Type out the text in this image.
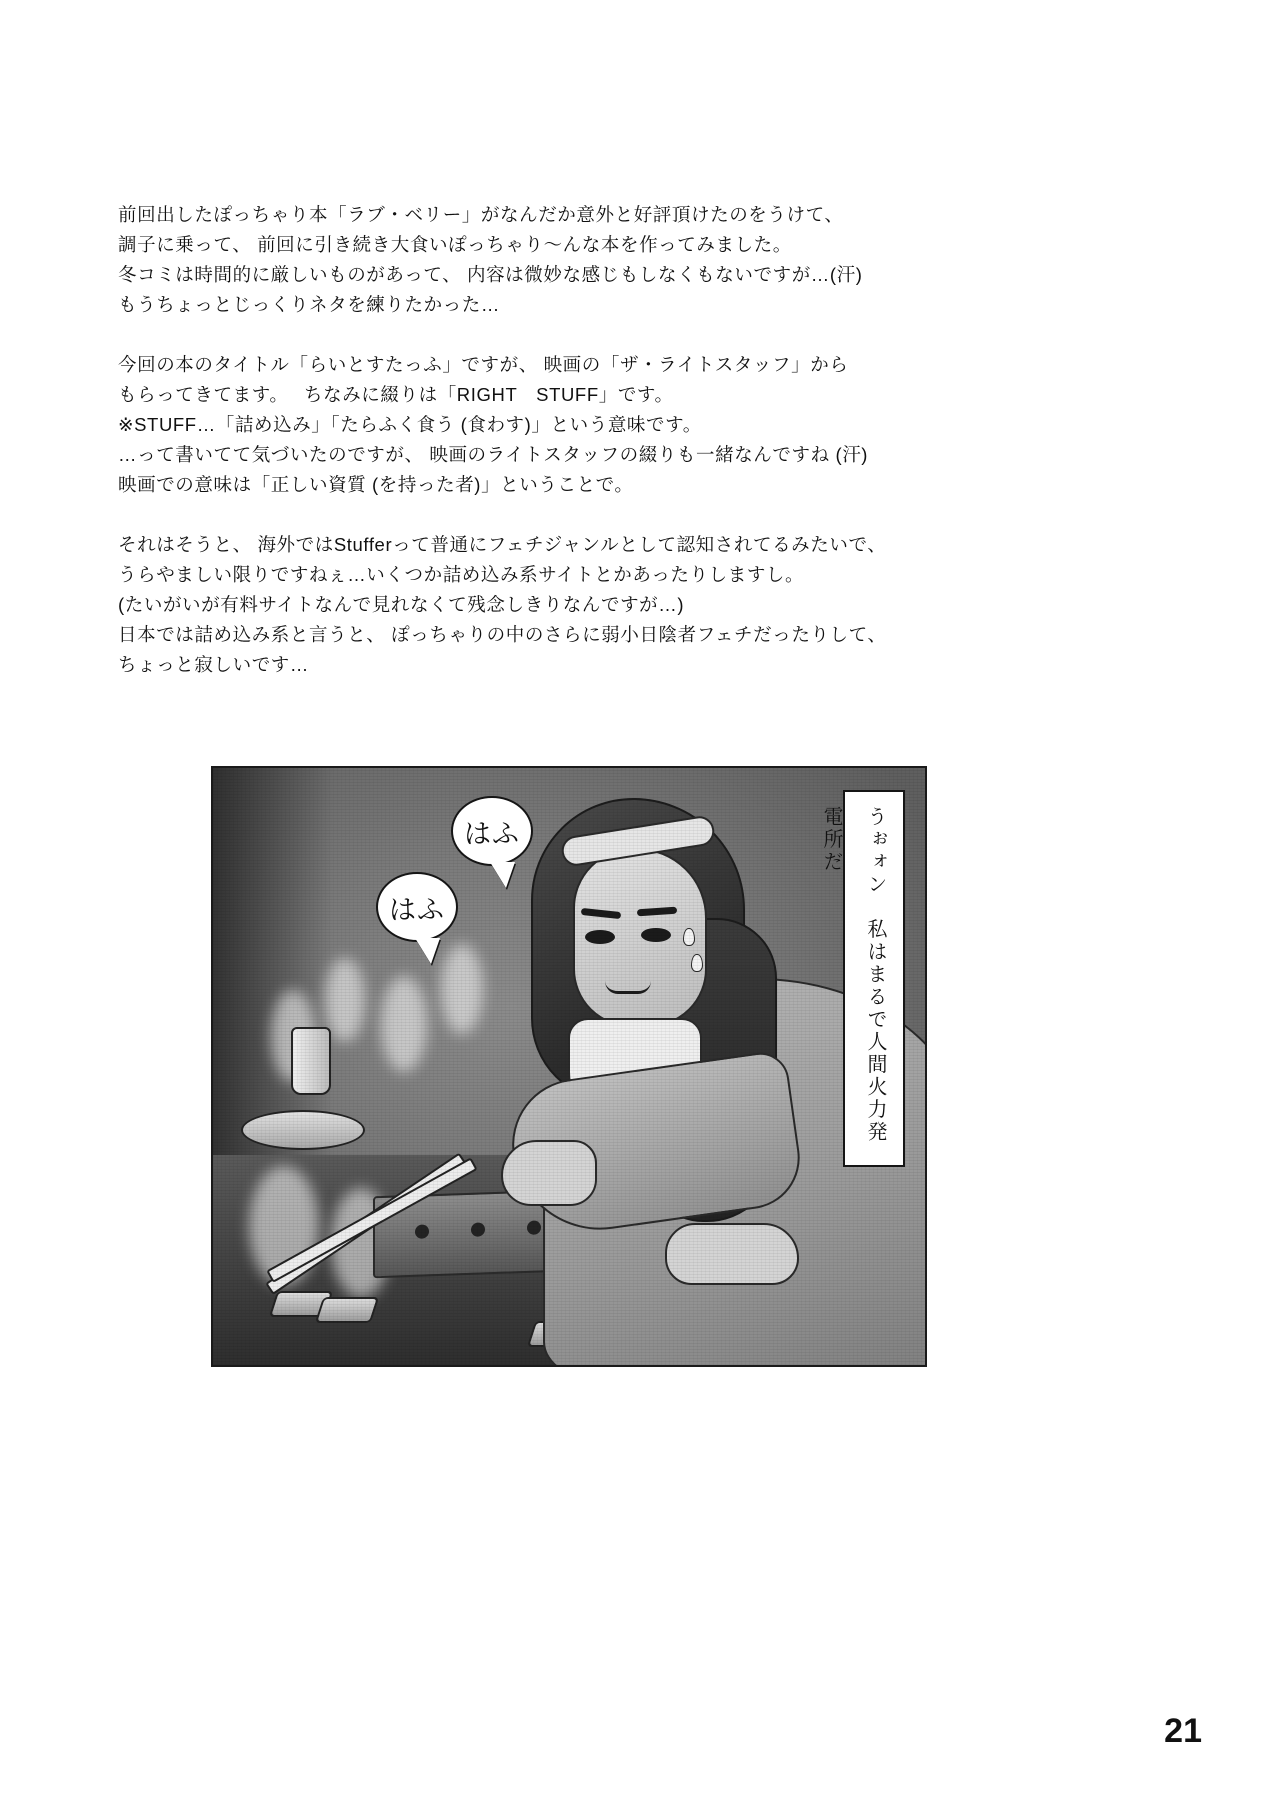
前回出したぽっちゃり本「ラブ・ベリー」がなんだか意外と好評頂けたのをうけて、
調子に乗って、 前回に引き続き大食いぽっちゃり〜んな本を作ってみました。
冬コミは時間的に厳しいものがあって、 内容は微妙な感じもしなくもないですが…(汗)
もうちょっとじっくりネタを練りたかった…
今回の本のタイトル「らいとすたっふ」ですが、 映画の「ザ・ライトスタッフ」から
もらってきてます。　 ちなみに綴りは「RIGHT　STUFF」です。
※STUFF…「詰め込み」「たらふく食う (食わす)」という意味です。
…って書いてて気づいたのですが、 映画のライトスタッフの綴りも一緒なんですね (汗)
映画での意味は「正しい資質 (を持った者)」ということで。
それはそうと、 海外ではStufferって普通にフェチジャンルとして認知されてるみたいで、
うらやましい限りですねぇ…いくつか詰め込み系サイトとかあったりしますし。
(たいがいが有料サイトなんで見れなくて残念しきりなんですが…)
日本では詰め込み系と言うと、 ぽっちゃりの中のさらに弱小日陰者フェチだったりして、
ちょっと寂しいです…
はふ
はふ	うぉォン　私はまるで人間火力発電所だ
21
